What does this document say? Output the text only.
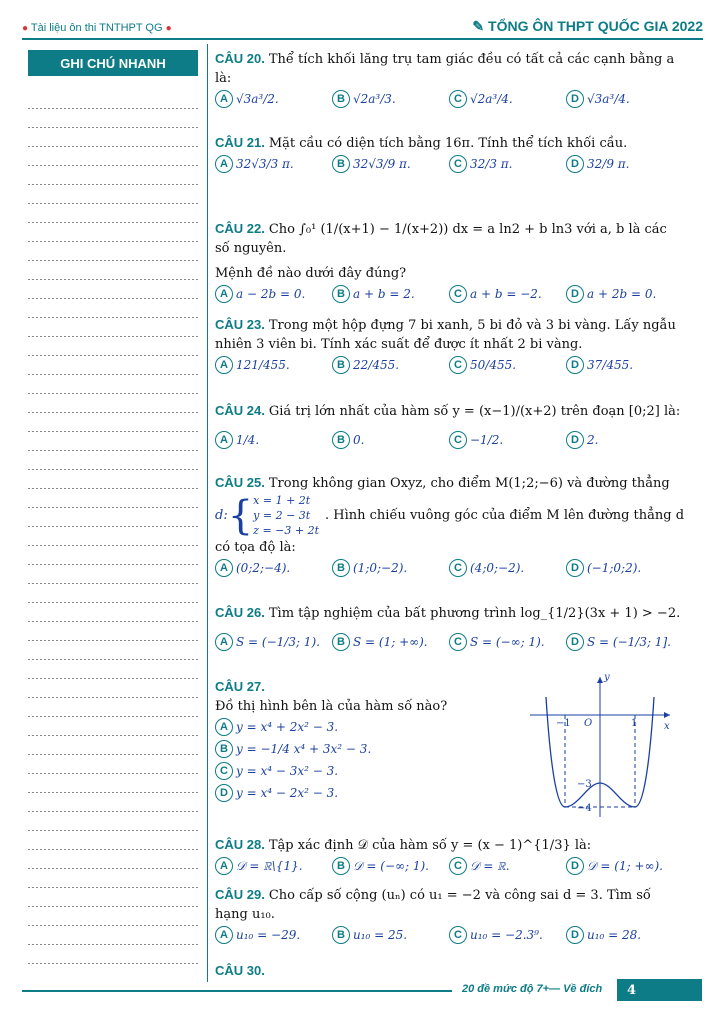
● Tài liệu ôn thi TNTHPT QG ●	✎ TỔNG ÔN THPT QUỐC GIA 2022
GHI CHÚ NHANH	CÂU 20. Thể tích khối lăng trụ tam giác đều có tất cả các cạnh bằng a là:

A √3a³/2.	B √2a³/3.	C √2a³/4.	D √3a³/4.

CÂU 21. Mặt cầu có diện tích bằng 16π. Tính thể tích khối cầu.

A 32√3/3 π.	B 32√3/9 π.	C 32/3 π.	D 32/9 π.

CÂU 22. Cho ∫₀¹ (1/(x+1) − 1/(x+2)) dx = a ln2 + b ln3 với a, b là các số nguyên.

Mệnh đề nào dưới đây đúng?

A a − 2b = 0.	B a + b = 2.	C a + b = −2.	D a + 2b = 0.

CÂU 23. Trong một hộp đựng 7 bi xanh, 5 bi đỏ và 3 bi vàng. Lấy ngẫu nhiên 3 viên bi. Tính xác suất để được ít nhất 2 bi vàng.

A 121/455.	B 22/455.	C 50/455.	D 37/455.

CÂU 24. Giá trị lớn nhất của hàm số y = (x−1)/(x+2) trên đoạn [0;2] là:

A 1/4.	B 0.	C −1/2.	D 2.

CÂU 25. Trong không gian Oxyz, cho điểm M(1;2;−6) và đường thẳng

d: { x = 1 + 2t
y = 2 − 3t
z = −3 + 2t
. Hình chiếu vuông góc của điểm M lên đường thẳng d

có tọa độ là:

A (0;2;−4).	B (1;0;−2).	C (4;0;−2).	D (−1;0;2).

CÂU 26. Tìm tập nghiệm của bất phương trình log_{1/2}(3x + 1) > −2.

A S = (−1/3; 1).	B S = (1; +∞).	C S = (−∞; 1).	D S = (−1/3; 1].

CÂU 27.

Đồ thị hình bên là của hàm số nào?

A y = x⁴ + 2x² − 3.
B y = −1/4 x⁴ + 3x² − 3.
C y = x⁴ − 3x² − 3.
D y = x⁴ − 2x² − 3.

CÂU 28. Tập xác định 𝒟 của hàm số y = (x − 1)^{1/3} là:

A 𝒟 = ℝ\{1}.	B 𝒟 = (−∞; 1).	C 𝒟 = ℝ.	D 𝒟 = (1; +∞).

CÂU 29. Cho cấp số cộng (uₙ) có u₁ = −2 và công sai d = 3. Tìm số hạng u₁₀.

A u₁₀ = −29.	B u₁₀ = 25.	C u₁₀ = −2.3⁹.	D u₁₀ = 28.

CÂU 30.

y
x
O
−1	1
−3
−4
20 đề mức độ 7+— Về đích	4
